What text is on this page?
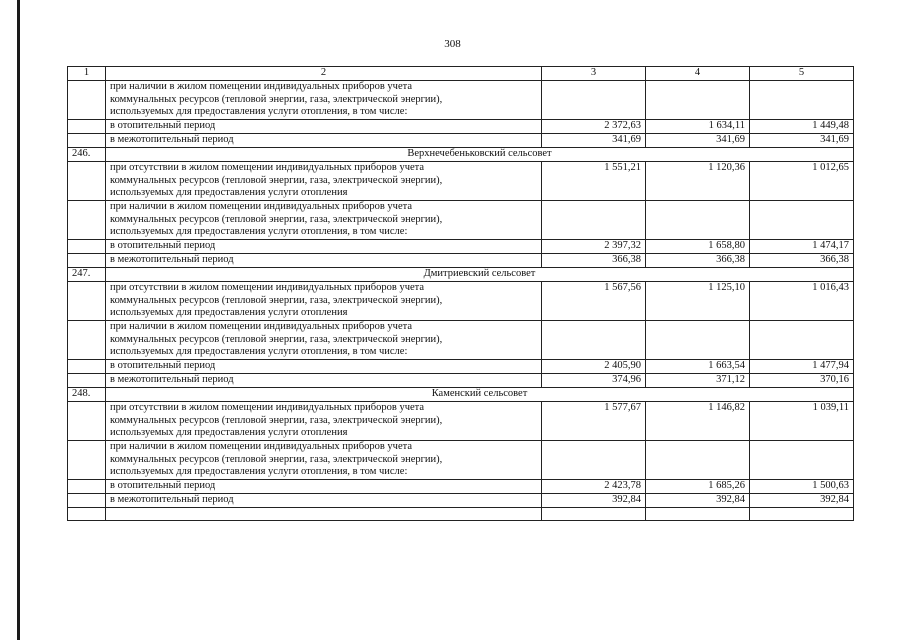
308
1	2	3	4	5

	при наличии в жилом помещении индивидуальных приборов учета
коммунальных ресурсов (тепловой энергии, газа, электрической энергии),
используемых для предоставления услуги отопления, в том числе:			

	в отопительный период	2 372,63	1 634,11	1 449,48
	в межотопительный период	341,69	341,69	341,69
246.	Верхнечебеньковский сельсовет			

	при отсутствии в жилом помещении индивидуальных приборов учета
коммунальных ресурсов (тепловой энергии, газа, электрической энергии),
используемых для предоставления услуги отопления	1 551,21	1 120,36	1 012,65

	при наличии в жилом помещении индивидуальных приборов учета
коммунальных ресурсов (тепловой энергии, газа, электрической энергии),
используемых для предоставления услуги отопления, в том числе:			

	в отопительный период	2 397,32	1 658,80	1 474,17
	в межотопительный период	366,38	366,38	366,38
247.	Дмитриевский сельсовет			

	при отсутствии в жилом помещении индивидуальных приборов учета
коммунальных ресурсов (тепловой энергии, газа, электрической энергии),
используемых для предоставления услуги отопления	1 567,56	1 125,10	1 016,43

	при наличии в жилом помещении индивидуальных приборов учета
коммунальных ресурсов (тепловой энергии, газа, электрической энергии),
используемых для предоставления услуги отопления, в том числе:			

	в отопительный период	2 405,90	1 663,54	1 477,94
	в межотопительный период	374,96	371,12	370,16
248.	Каменский сельсовет			

	при отсутствии в жилом помещении индивидуальных приборов учета
коммунальных ресурсов (тепловой энергии, газа, электрической энергии),
используемых для предоставления услуги отопления	1 577,67	1 146,82	1 039,11

	при наличии в жилом помещении индивидуальных приборов учета
коммунальных ресурсов (тепловой энергии, газа, электрической энергии),
используемых для предоставления услуги отопления, в том числе:			

	в отопительный период	2 423,78	1 685,26	1 500,63
	в межотопительный период	392,84	392,84	392,84
